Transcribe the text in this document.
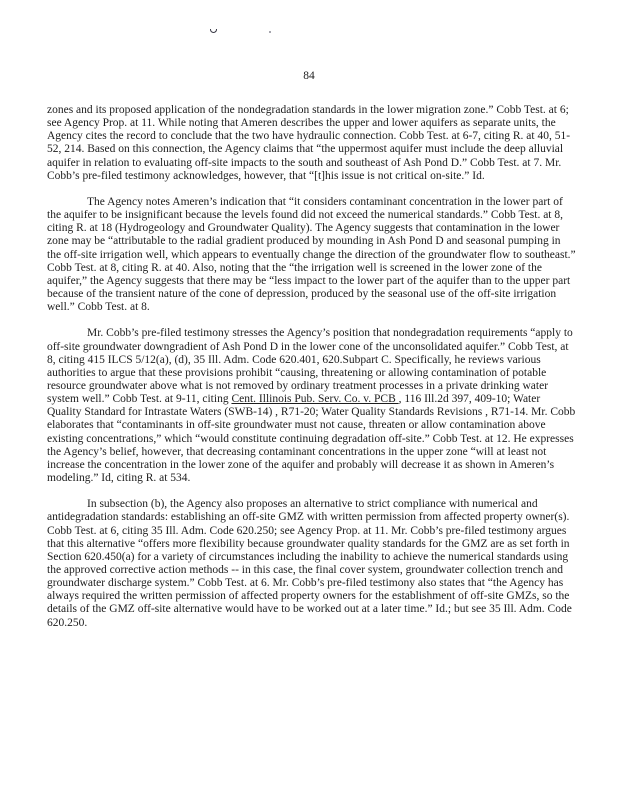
84

zones and its proposed application of the nondegradation standards in the lower migration zone.” Cobb Test. at 6; see Agency Prop. at 11. While noting that Ameren describes the upper and lower aquifers as separate units, the Agency cites the record to conclude that the two have hydraulic connection. Cobb Test. at 6-7, citing R. at 40, 51-52, 214. Based on this connection, the Agency claims that “the uppermost aquifer must include the deep alluvial aquifer in relation to evaluating off-site impacts to the south and southeast of Ash Pond D.” Cobb Test. at 7. Mr. Cobb’s pre-filed testimony acknowledges, however, that “[t]his issue is not critical on-site.” Id.

The Agency notes Ameren’s indication that “it considers contaminant concentration in the lower part of the aquifer to be insignificant because the levels found did not exceed the numerical standards.” Cobb Test. at 8, citing R. at 18 (Hydrogeology and Groundwater Quality). The Agency suggests that contamination in the lower zone may be “attributable to the radial gradient produced by mounding in Ash Pond D and seasonal pumping in the off-site irrigation well, which appears to eventually change the direction of the groundwater flow to southeast.” Cobb Test. at 8, citing R. at 40. Also, noting that the “the irrigation well is screened in the lower zone of the aquifer,” the Agency suggests that there may be “less impact to the lower part of the aquifer than to the upper part because of the transient nature of the cone of depression, produced by the seasonal use of the off-site irrigation well.” Cobb Test. at 8.

Mr. Cobb’s pre-filed testimony stresses the Agency’s position that nondegradation requirements “apply to off-site groundwater downgradient of Ash Pond D in the lower cone of the unconsolidated aquifer.” Cobb Test, at 8, citing 415 ILCS 5/12(a), (d), 35 Ill. Adm. Code 620.401, 620.Subpart C. Specifically, he reviews various authorities to argue that these provisions prohibit “causing, threatening or allowing contamination of potable resource groundwater above what is not removed by ordinary treatment processes in a private drinking water system well.” Cobb Test. at 9-11, citing Cent. Illinois Pub. Serv. Co. v. PCB , 116 Ill.2d 397, 409-10; Water Quality Standard for Intrastate Waters (SWB-14) , R71-20; Water Quality Standards Revisions , R71-14. Mr. Cobb elaborates that “contaminants in off-site groundwater must not cause, threaten or allow contamination above existing concentrations,” which “would constitute continuing degradation off-site.” Cobb Test. at 12. He expresses the Agency’s belief, however, that decreasing contaminant concentrations in the upper zone “will at least not increase the concentration in the lower zone of the aquifer and probably will decrease it as shown in Ameren’s modeling.” Id, citing R. at 534.

In subsection (b), the Agency also proposes an alternative to strict compliance with numerical and antidegradation standards: establishing an off-site GMZ with written permission from affected property owner(s). Cobb Test. at 6, citing 35 Ill. Adm. Code 620.250; see Agency Prop. at 11. Mr. Cobb’s pre-filed testimony argues that this alternative “offers more flexibility because groundwater quality standards for the GMZ are as set forth in Section 620.450(a) for a variety of circumstances including the inability to achieve the numerical standards using the approved corrective action methods -- in this case, the final cover system, groundwater collection trench and groundwater discharge system.” Cobb Test. at 6. Mr. Cobb’s pre-filed testimony also states that “the Agency has always required the written permission of affected property owners for the establishment of off-site GMZs, so the details of the GMZ off-site alternative would have to be worked out at a later time.” Id.; but see 35 Ill. Adm. Code 620.250.
